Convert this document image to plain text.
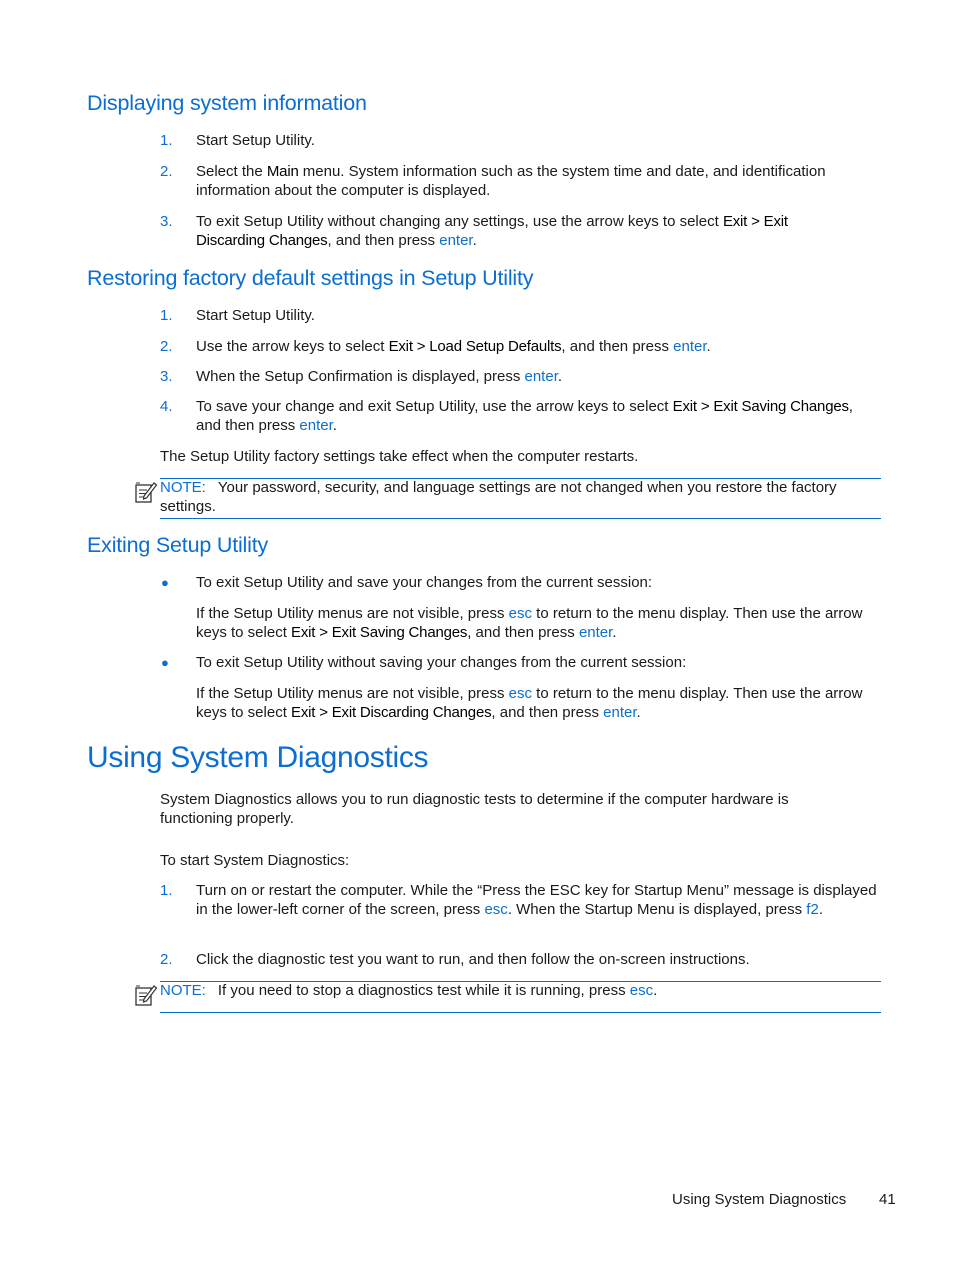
Displaying system information
1. Start Setup Utility.

2. Select the Main menu. System information such as the system time and date, and identification information about the computer is displayed.

3. To exit Setup Utility without changing any settings, use the arrow keys to select Exit > Exit Discarding Changes, and then press enter.

Restoring factory default settings in Setup Utility
1. Start Setup Utility.

2. Use the arrow keys to select Exit > Load Setup Defaults, and then press enter.

3. When the Setup Confirmation is displayed, press enter.

4. To save your change and exit Setup Utility, use the arrow keys to select Exit > Exit Saving Changes, and then press enter.

The Setup Utility factory settings take effect when the computer restarts.

NOTE: Your password, security, and language settings are not changed when you restore the factory settings.

Exiting Setup Utility
● To exit Setup Utility and save your changes from the current session:

If the Setup Utility menus are not visible, press esc to return to the menu display. Then use the arrow keys to select Exit > Exit Saving Changes, and then press enter.

● To exit Setup Utility without saving your changes from the current session:

If the Setup Utility menus are not visible, press esc to return to the menu display. Then use the arrow keys to select Exit > Exit Discarding Changes, and then press enter.

Using System Diagnostics

System Diagnostics allows you to run diagnostic tests to determine if the computer hardware is functioning properly.

To start System Diagnostics:

1. Turn on or restart the computer. While the “Press the ESC key for Startup Menu” message is displayed in the lower-left corner of the screen, press esc. When the Startup Menu is displayed, press f2.

2. Click the diagnostic test you want to run, and then follow the on-screen instructions.

NOTE: If you need to stop a diagnostics test while it is running, press esc.

Using System Diagnostics 41
